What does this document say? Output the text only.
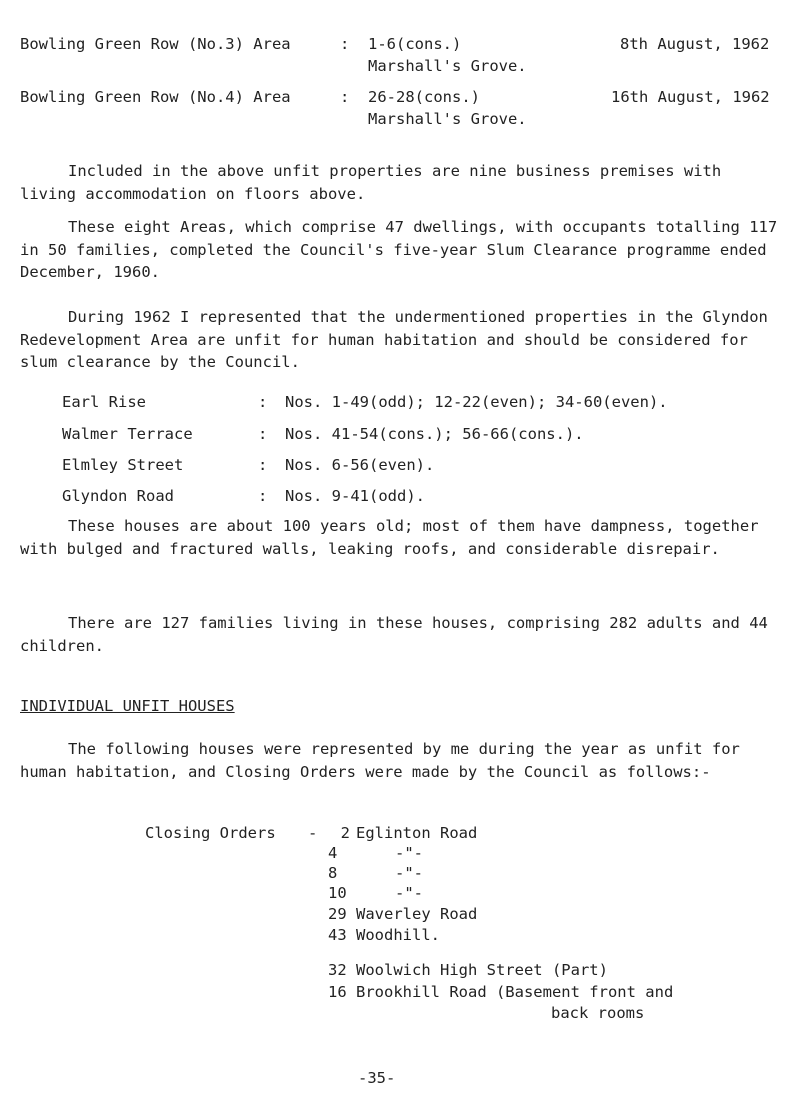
Bowling Green Row (No.3) Area	: 1-6(cons.)	8th August, 1962
Marshall's Grove.
Bowling Green Row (No.4) Area	: 26-28(cons.)	16th August, 1962
Marshall's Grove.
Included in the above unfit properties are nine business premises with living accommodation on floors above.
These eight Areas, which comprise 47 dwellings, with occupants totalling 117 in 50 families, completed the Council's five-year Slum Clearance programme ended December, 1960.
During 1962 I represented that the undermentioned properties in the Glyndon Redevelopment Area are unfit for human habitation and should be considered for slum clearance by the Council.
Earl Rise	: Nos. 1-49(odd); 12-22(even); 34-60(even).
Walmer Terrace	: Nos. 41-54(cons.); 56-66(cons.).
Elmley Street	: Nos. 6-56(even).
Glyndon Road	: Nos. 9-41(odd).
These houses are about 100 years old; most of them have dampness, together with bulged and fractured walls, leaking roofs, and considerable disrepair.
There are 127 families living in these houses, comprising 282 adults and 44 children.
INDIVIDUAL UNFIT HOUSES
The following houses were represented by me during the year as unfit for human habitation, and Closing Orders were made by the Council as follows:-
Closing Orders -	2 Eglinton Road
4	-"-
8	-"-
10	-"-
29 Waverley Road
43 Woodhill.
32 Woolwich High Street (Part)
16 Brookhill Road (Basement front and
back rooms
-35-
